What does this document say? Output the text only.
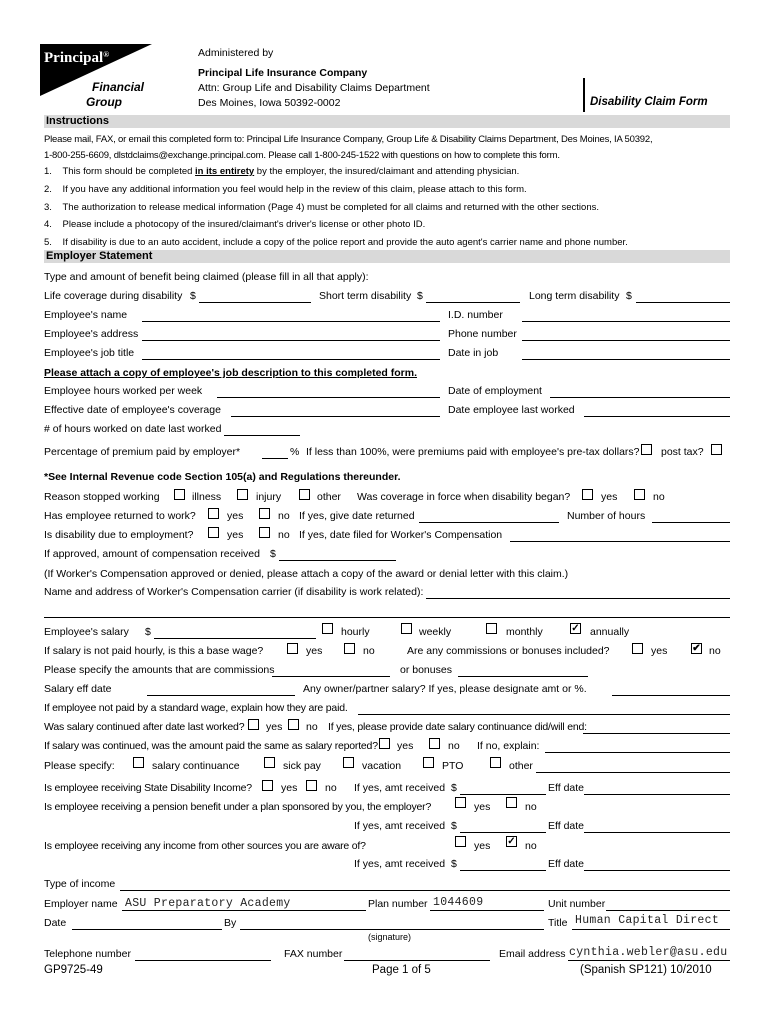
Principal®
Financial
Group
Administered by
Principal Life Insurance Company
Attn: Group Life and Disability Claims Department
Des Moines, Iowa 50392-0002	Disability Claim Form
Instructions
Please mail, FAX, or email this completed form to: Principal Life Insurance Company, Group Life & Disability Claims Department, Des Moines, IA 50392,
1-800-255-6609, dlstdclaims@exchange.principal.com. Please call 1-800-245-1522 with questions on how to complete this form.
1. This form should be completed in its entirety by the employer, the insured/claimant and attending physician.
2. If you have any additional information you feel would help in the review of this claim, please attach to this form.
3. The authorization to release medical information (Page 4) must be completed for all claims and returned with the other sections.
4. Please include a photocopy of the insured/claimant's driver's license or other photo ID.
5. If disability is due to an auto accident, include a copy of the police report and provide the auto agent's carrier name and phone number.
Employer Statement
Type and amount of benefit being claimed (please fill in all that apply):
Life coverage during disability $	Short term disability $	Long term disability $
Employee's name	I.D. number
Employee's address	Phone number
Employee's job title	Date in job
Please attach a copy of employee's job description to this completed form.
Employee hours worked per week	Date of employment
Effective date of employee's coverage	Date employee last worked
# of hours worked on date last worked
Percentage of premium paid by employer*	% If less than 100%, were premiums paid with employee's pre-tax dollars? post tax?
*See Internal Revenue code Section 105(a) and Regulations thereunder.
Reason stopped working	illness	injury	other Was coverage in force when disability began?	yes	no
Has employee returned to work?	yes	no If yes, give date returned	Number of hours
Is disability due to employment?	yes	no If yes, date filed for Worker's Compensation
If approved, amount of compensation received $
(If Worker's Compensation approved or denied, please attach a copy of the award or denial letter with this claim.)
Name and address of Worker's Compensation carrier (if disability is work related):
Employee's salary $	hourly	weekly	monthly	✓ annually
If salary is not paid hourly, is this a base wage?	yes	no	Are any commissions or bonuses included?	yes ✔ no
Please specify the amounts that are commissions	or bonuses
Salary eff date	Any owner/partner salary? If yes, please designate amt or %.
If employee not paid by a standard wage, explain how they are paid.
Was salary continued after date last worked? yes no If yes, please provide date salary continuance did/will end:
If salary was continued, was the amount paid the same as salary reported? yes	no If no, explain:
Please specify:	salary continuance	sick pay	vacation	PTO	other
Is employee receiving State Disability Income?	yes	no If yes, amt received $	Eff date
Is employee receiving a pension benefit under a plan sponsored by you, the employer?	yes	no
If yes, amt received $	Eff date
Is employee receiving any income from other sources you are aware of?	yes ✓ no
If yes, amt received $	Eff date
Type of income
Employer name ASU Preparatory Academy	Plan number 1044609	Unit number
Date	By	Title Human Capital Direct
(signature)
Telephone number	FAX number	Email address cynthia.webler@asu.edu
GP9725-49	Page 1 of 5	(Spanish SP121) 10/2010
